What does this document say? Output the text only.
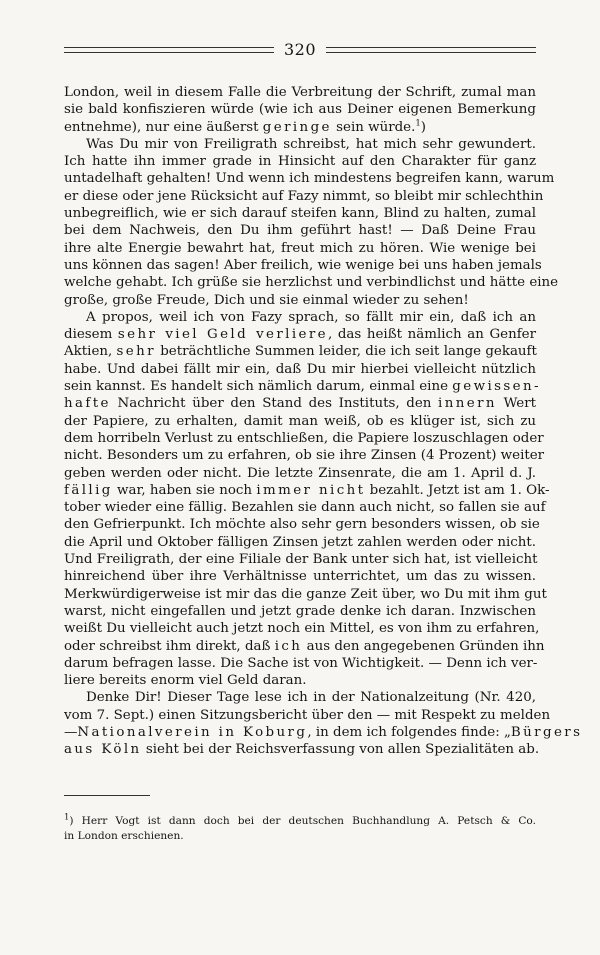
320
London, weil in diesem Falle die Verbreitung der Schrift, zumal man
sie bald konfiszieren würde (wie ich aus Deiner eigenen Bemerkung
entnehme), nur eine äußerst geringe sein würde.$^1$)
Was Du mir von Freiligrath schreibst, hat mich sehr gewundert.
Ich hatte ihn immer grade in Hinsicht auf den Charakter für ganz
untadelhaft gehalten! Und wenn ich mindestens begreifen kann, warum
er diese oder jene Rücksicht auf Fazy nimmt, so bleibt mir schlechthin
unbegreiflich, wie er sich darauf steifen kann, Blind zu halten, zumal
bei dem Nachweis, den Du ihm geführt hast! — Daß Deine Frau
ihre alte Energie bewahrt hat, freut mich zu hören. Wie wenige bei
uns können das sagen! Aber freilich, wie wenige bei uns haben jemals
welche gehabt. Ich grüße sie herzlichst und verbindlichst und hätte eine
große, große Freude, Dich und sie einmal wieder zu sehen!
A propos, weil ich von Fazy sprach, so fällt mir ein, daß ich an
diesem sehr viel Geld verliere, das heißt nämlich an Genfer
Aktien, sehr beträchtliche Summen leider, die ich seit lange gekauft
habe. Und dabei fällt mir ein, daß Du mir hierbei vielleicht nützlich
sein kannst. Es handelt sich nämlich darum, einmal eine gewissen-
hafte Nachricht über den Stand des Instituts, den innern Wert
der Papiere, zu erhalten, damit man weiß, ob es klüger ist, sich zu
dem horribeln Verlust zu entschließen, die Papiere loszuschlagen oder
nicht. Besonders um zu erfahren, ob sie ihre Zinsen (4 Prozent) weiter
geben werden oder nicht. Die letzte Zinsenrate, die am 1. April d. J.
fällig war, haben sie noch immer nicht bezahlt. Jetzt ist am 1. Ok-
tober wieder eine fällig. Bezahlen sie dann auch nicht, so fallen sie auf
den Gefrierpunkt. Ich möchte also sehr gern besonders wissen, ob sie
die April und Oktober fälligen Zinsen jetzt zahlen werden oder nicht.
Und Freiligrath, der eine Filiale der Bank unter sich hat, ist vielleicht
hinreichend über ihre Verhältnisse unterrichtet, um das zu wissen.
Merkwürdigerweise ist mir das die ganze Zeit über, wo Du mit ihm gut
warst, nicht eingefallen und jetzt grade denke ich daran. Inzwischen
weißt Du vielleicht auch jetzt noch ein Mittel, es von ihm zu erfahren,
oder schreibst ihm direkt, daß ich aus den angegebenen Gründen ihn
darum befragen lasse. Die Sache ist von Wichtigkeit. — Denn ich ver-
liere bereits enorm viel Geld daran.
Denke Dir! Dieser Tage lese ich in der Nationalzeitung (Nr. 420,
vom 7. Sept.) einen Sitzungsbericht über den — mit Respekt zu melden
—Nationalverein in Koburg, in dem ich folgendes finde: „Bürgers
aus Köln sieht bei der Reichsverfassung von allen Spezialitäten ab.
$^1$) Herr Vogt ist dann doch bei der deutschen Buchhandlung A. Petsch & Co.
in London erschienen.
